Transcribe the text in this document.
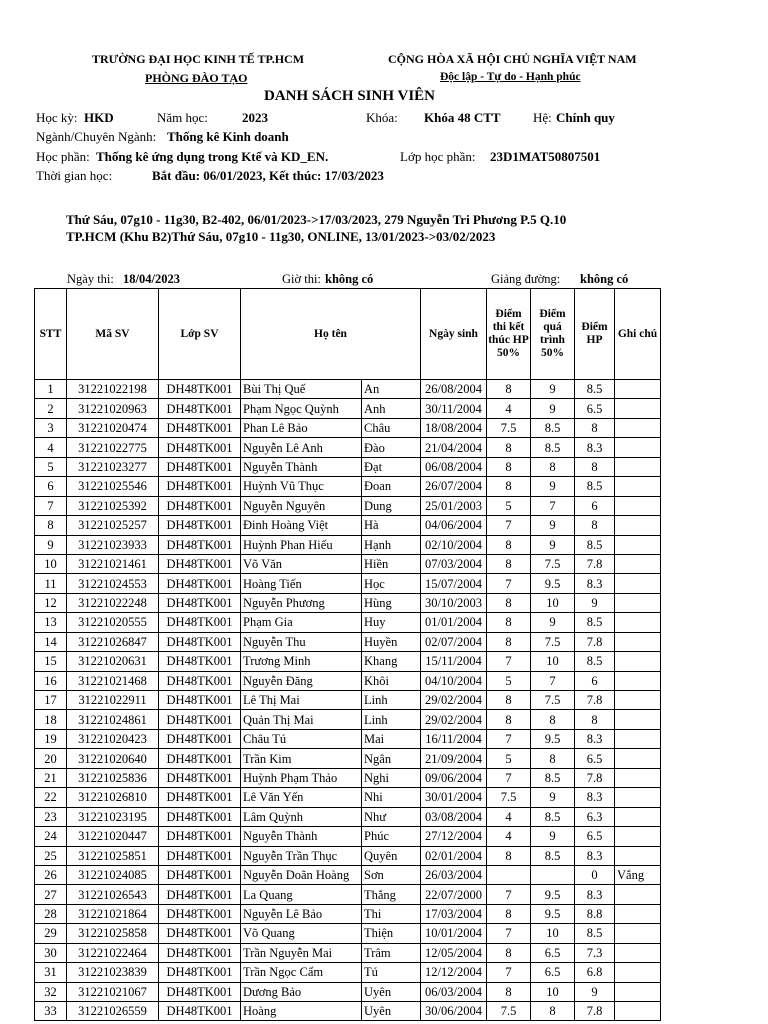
TRƯỜNG ĐẠI HỌC KINH TẾ TP.HCM
PHÒNG ĐÀO TẠO
CỘNG HÒA XÃ HỘI CHỦ NGHĨA VIỆT NAM
Độc lập - Tự do - Hạnh phúc
DANH SÁCH SINH VIÊN
Học kỳ: HKD	Năm học:	2023	Khóa: Khóa 48 CTT Hệ: Chính quy
Ngành/Chuyên Ngành: Thống kê Kinh doanh
Học phần: Thống kê ứng dụng trong Ktế và KD_EN.	Lớp học phần: 23D1MAT50807501
Thời gian học:	Bắt đầu: 06/01/2023, Kết thúc: 17/03/2023
Thứ Sáu, 07g10 - 11g30, B2-402, 06/01/2023->17/03/2023, 279 Nguyễn Tri Phương P.5 Q.10
TP.HCM (Khu B2)Thứ Sáu, 07g10 - 11g30, ONLINE, 13/01/2023->03/02/2023
Ngày thi: 18/04/2023	Giờ thi: không có	Giảng đường: không có
STT	Mã SV	Lớp SV	Họ tên		Ngày sinh	Điểm thi kết thúc HP 50%	Điểm quá trình 50%	Điểm HP	Ghi chú
1	31221022198	DH48TK001	Bùi Thị Quế	An	26/08/2004	8	9	8.5	
2	31221020963	DH48TK001	Phạm Ngọc Quỳnh	Anh	30/11/2004	4	9	6.5	
3	31221020474	DH48TK001	Phan Lê Bảo	Châu	18/08/2004	7.5	8.5	8	
4	31221022775	DH48TK001	Nguyễn Lê Anh	Đào	21/04/2004	8	8.5	8.3	
5	31221023277	DH48TK001	Nguyễn Thành	Đạt	06/08/2004	8	8	8	
6	31221025546	DH48TK001	Huỳnh Vũ Thục	Đoan	26/07/2004	8	9	8.5	
7	31221025392	DH48TK001	Nguyễn Nguyên	Dung	25/01/2003	5	7	6	
8	31221025257	DH48TK001	Đinh Hoàng Việt	Hà	04/06/2004	7	9	8	
9	31221023933	DH48TK001	Huỳnh Phan Hiếu	Hạnh	02/10/2004	8	9	8.5	
10	31221021461	DH48TK001	Võ Văn	Hiền	07/03/2004	8	7.5	7.8	
11	31221024553	DH48TK001	Hoàng Tiến	Học	15/07/2004	7	9.5	8.3	
12	31221022248	DH48TK001	Nguyễn Phương	Hùng	30/10/2003	8	10	9	
13	31221020555	DH48TK001	Phạm Gia	Huy	01/01/2004	8	9	8.5	
14	31221026847	DH48TK001	Nguyễn Thu	Huyền	02/07/2004	8	7.5	7.8	
15	31221020631	DH48TK001	Trương Minh	Khang	15/11/2004	7	10	8.5	
16	31221021468	DH48TK001	Nguyễn Đăng	Khôi	04/10/2004	5	7	6	
17	31221022911	DH48TK001	Lê Thị Mai	Linh	29/02/2004	8	7.5	7.8	
18	31221024861	DH48TK001	Quản Thị Mai	Linh	29/02/2004	8	8	8	
19	31221020423	DH48TK001	Châu Tú	Mai	16/11/2004	7	9.5	8.3	
20	31221020640	DH48TK001	Trần Kim	Ngân	21/09/2004	5	8	6.5	
21	31221025836	DH48TK001	Huỳnh Phạm Thảo	Nghi	09/06/2004	7	8.5	7.8	
22	31221026810	DH48TK001	Lê Văn Yến	Nhi	30/01/2004	7.5	9	8.3	
23	31221023195	DH48TK001	Lâm Quỳnh	Như	03/08/2004	4	8.5	6.3	
24	31221020447	DH48TK001	Nguyễn Thành	Phúc	27/12/2004	4	9	6.5	
25	31221025851	DH48TK001	Nguyễn Trần Thục	Quyên	02/01/2004	8	8.5	8.3	
26	31221024085	DH48TK001	Nguyễn Doãn Hoàng	Sơn	26/03/2004			0	Vắng
27	31221026543	DH48TK001	La Quang	Thắng	22/07/2000	7	9.5	8.3	
28	31221021864	DH48TK001	Nguyễn Lê Bảo	Thi	17/03/2004	8	9.5	8.8	
29	31221025858	DH48TK001	Võ Quang	Thiện	10/01/2004	7	10	8.5	
30	31221022464	DH48TK001	Trần Nguyễn Mai	Trâm	12/05/2004	8	6.5	7.3	
31	31221023839	DH48TK001	Trần Ngọc Cẩm	Tú	12/12/2004	7	6.5	6.8	
32	31221021067	DH48TK001	Dương Bảo	Uyên	06/03/2004	8	10	9	
33	31221026559	DH48TK001	Hoàng	Uyên	30/06/2004	7.5	8	7.8	
